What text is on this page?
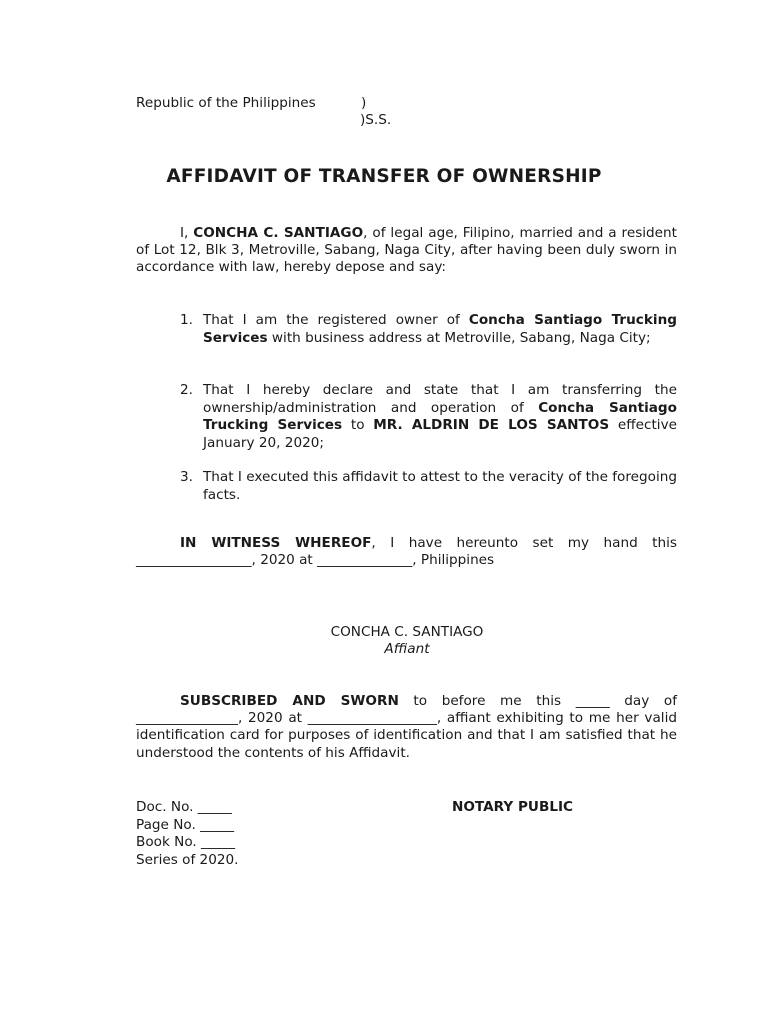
Republic of the Philippines	)
)S.S.
AFFIDAVIT OF TRANSFER OF OWNERSHIP
I, CONCHA C. SANTIAGO, of legal age, Filipino, married and a resident of Lot 12, Blk 3, Metroville, Sabang, Naga City, after having been duly sworn in accordance with law, hereby depose and say:
1. That I am the registered owner of Concha Santiago Trucking Services with business address at Metroville, Sabang, Naga City;
2. That I hereby declare and state that I am transferring the ownership/administration and operation of Concha Santiago Trucking Services to MR. ALDRIN DE LOS SANTOS effective January 20, 2020;
3. That I executed this affidavit to attest to the veracity of the foregoing facts.
IN WITNESS WHEREOF, I have hereunto set my hand this _________________, 2020 at ______________, Philippines
CONCHA C. SANTIAGO
Affiant
SUBSCRIBED AND SWORN to before me this _____ day of _______________, 2020 at ___________________, affiant exhibiting to me her valid identification card for purposes of identification and that I am satisfied that he understood the contents of his Affidavit.
Doc. No. _____
Page No. _____
Book No. _____
Series of 2020.
NOTARY PUBLIC
